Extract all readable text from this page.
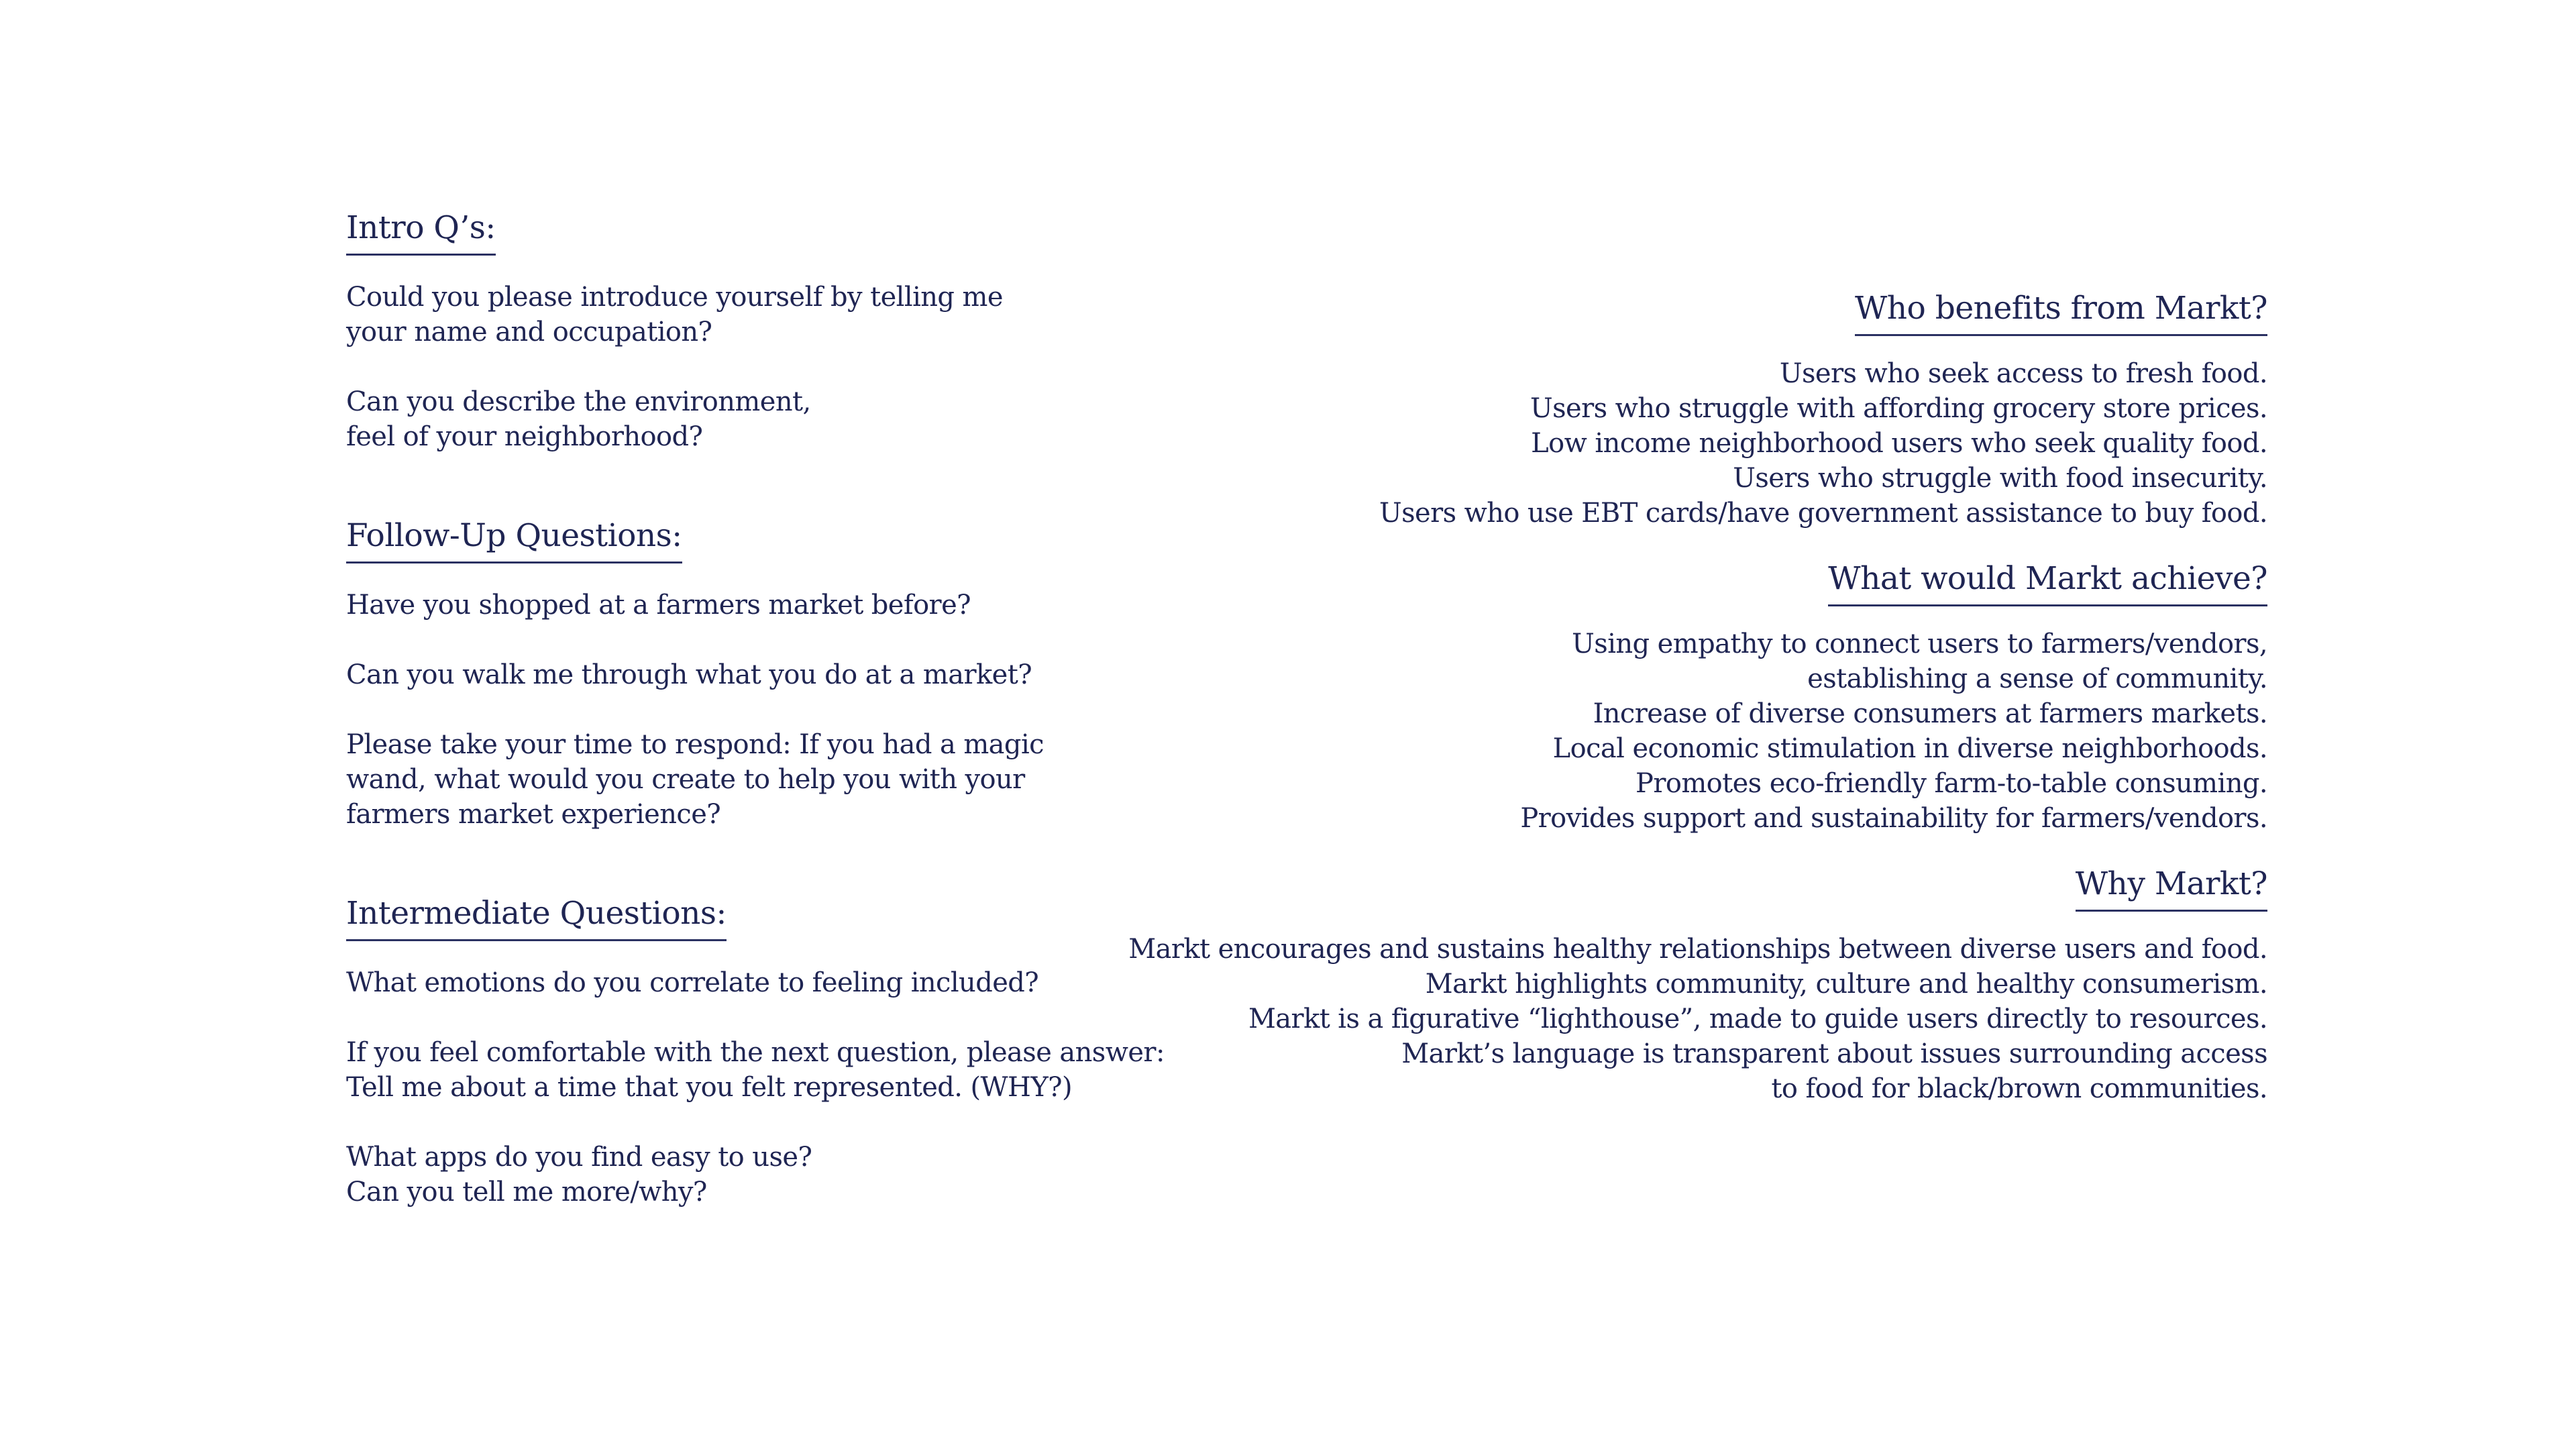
Intro Q’s:
Could you please introduce yourself by telling me
your name and occupation?
Can you describe the environment,
feel of your neighborhood?
Follow-Up Questions:
Have you shopped at a farmers market before?
Can you walk me through what you do at a market?
Please take your time to respond: If you had a magic
wand, what would you create to help you with your
farmers market experience?
Intermediate Questions:
What emotions do you correlate to feeling included?
If you feel comfortable with the next question, please answer:
Tell me about a time that you felt represented. (WHY?)
What apps do you find easy to use?
Can you tell me more/why?
Who benefits from Markt?
Users who seek access to fresh food.
Users who struggle with affording grocery store prices.
Low income neighborhood users who seek quality food.
Users who struggle with food insecurity.
Users who use EBT cards/have government assistance to buy food.
What would Markt achieve?
Using empathy to connect users to farmers/vendors,
establishing a sense of community.
Increase of diverse consumers at farmers markets.
Local economic stimulation in diverse neighborhoods.
Promotes eco-friendly farm-to-table consuming.
Provides support and sustainability for farmers/vendors.
Why Markt?
Markt encourages and sustains healthy relationships between diverse users and food.
Markt highlights community, culture and healthy consumerism.
Markt is a figurative “lighthouse”, made to guide users directly to resources.
Markt’s language is transparent about issues surrounding access
to food for black/brown communities.
